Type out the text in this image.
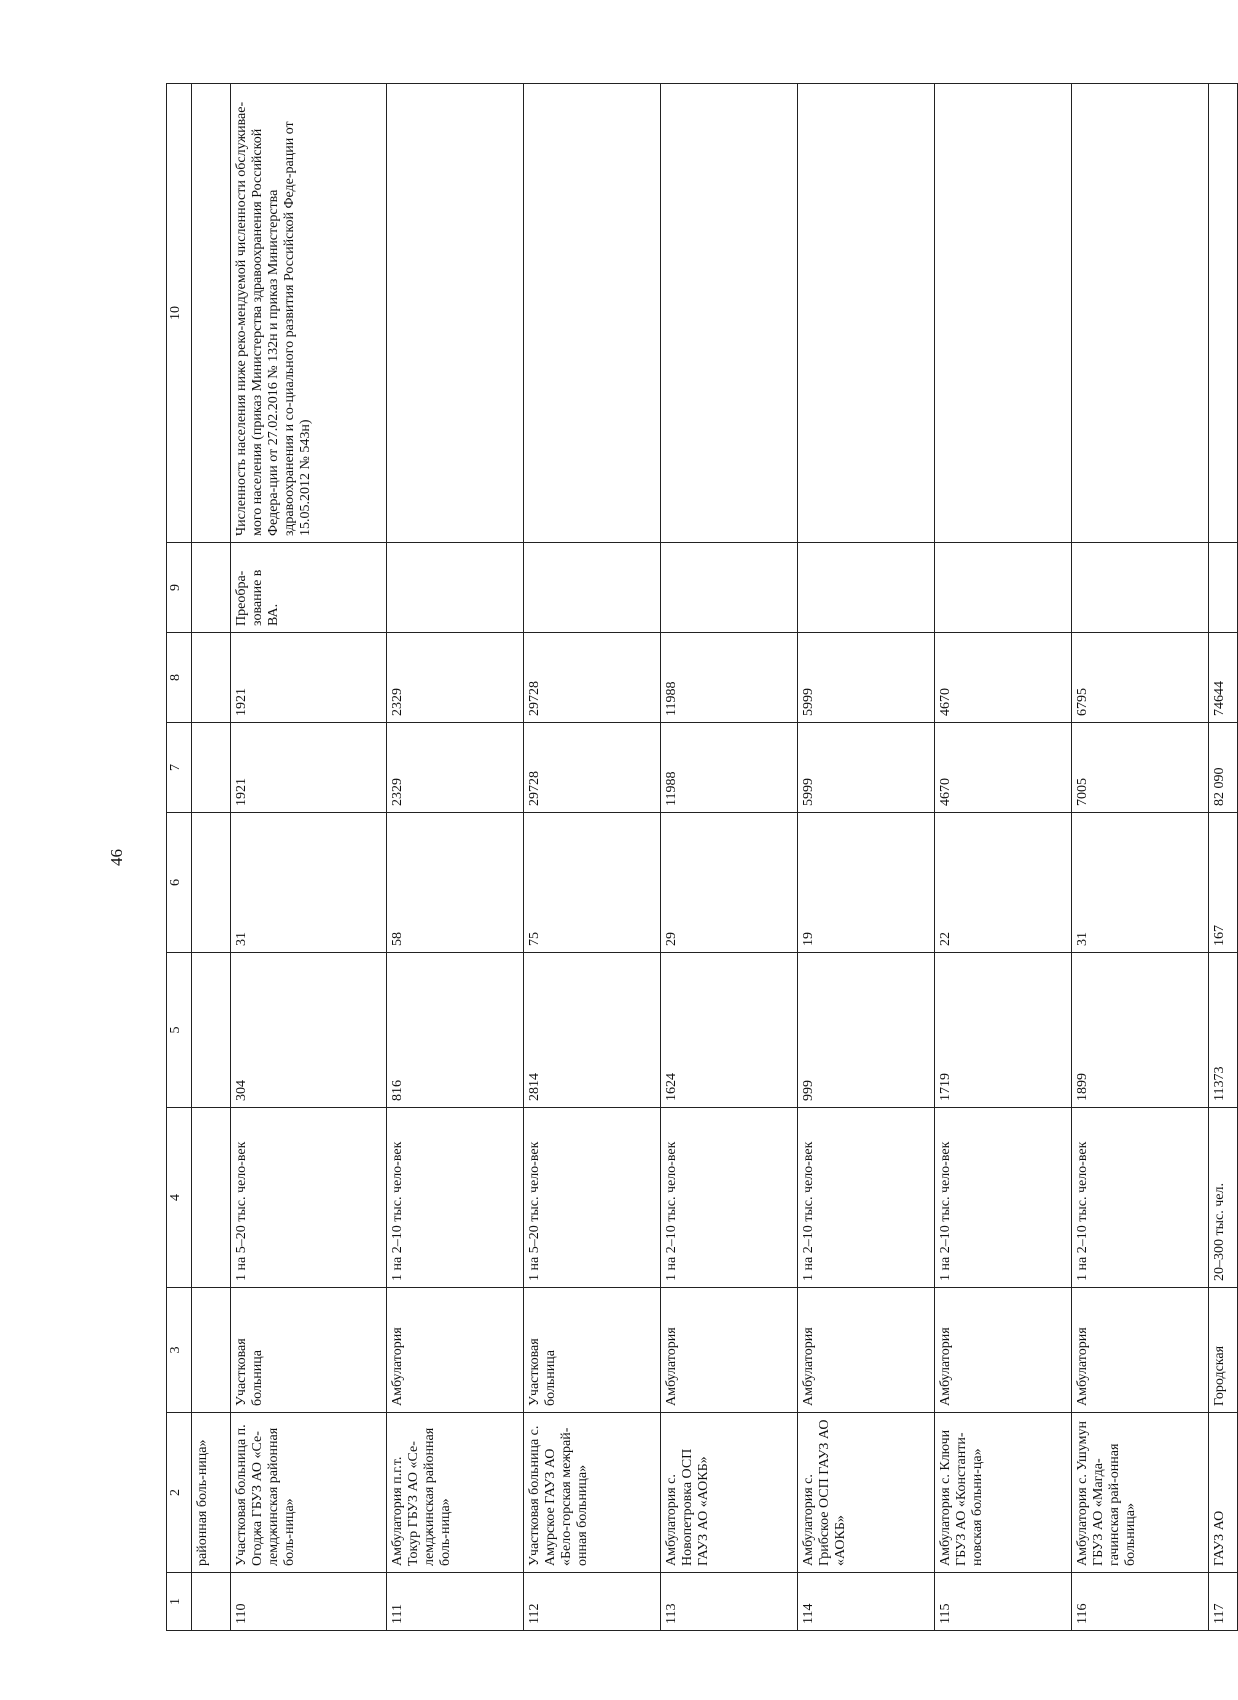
46
1	2	3	4	5	6	7	8	9	10
	районная боль-ница»								
110	Участковая больница п. Огоджа ГБУЗ АО «Се-лемджинская районная боль-ница»	Участковая больница	1 на 5–20 тыс. чело-век	304	31	1921	1921	Преобра-зование в ВА.	Численность населения ниже реко-мендуемой численности обслуживае-мого населения (приказ Министерства здравоохранения Российской Федера-ции от 27.02.2016 № 132н и приказ Министерства здравоохранения и со-циального развития Российской Феде-рации от 15.05.2012 № 543н)
111	Амбулатория п.г.т. Токур ГБУЗ АО «Се-лемджинская районная боль-ница»	Амбулатория	1 на 2–10 тыс. чело-век	816	58	2329	2329		
112	Участковая больница с. Амурское ГАУЗ АО «Бело-горская межрай-онная больница»	Участковая больница	1 на 5–20 тыс. чело-век	2814	75	29728	29728		
113	Амбулатория с. Новопетровка ОСП ГАУЗ АО «АОКБ»	Амбулатория	1 на 2–10 тыс. чело-век	1624	29	11988	11988		
114	Амбулатория с. Грибское ОСП ГАУЗ АО «АОКБ»	Амбулатория	1 на 2–10 тыс. чело-век	999	19	5999	5999		
115	Амбулатория с. Ключи ГБУЗ АО «Константи-новская больни-ца»	Амбулатория	1 на 2–10 тыс. чело-век	1719	22	4670	4670		
116	Амбулатория с. Ушумун ГБУЗ АО «Магда-гачинская рай-онная больница»	Амбулатория	1 на 2–10 тыс. чело-век	1899	31	7005	6795		
117	ГАУЗ АО	Городская	20–300 тыс. чел.	11373	167	82 090	74644		
